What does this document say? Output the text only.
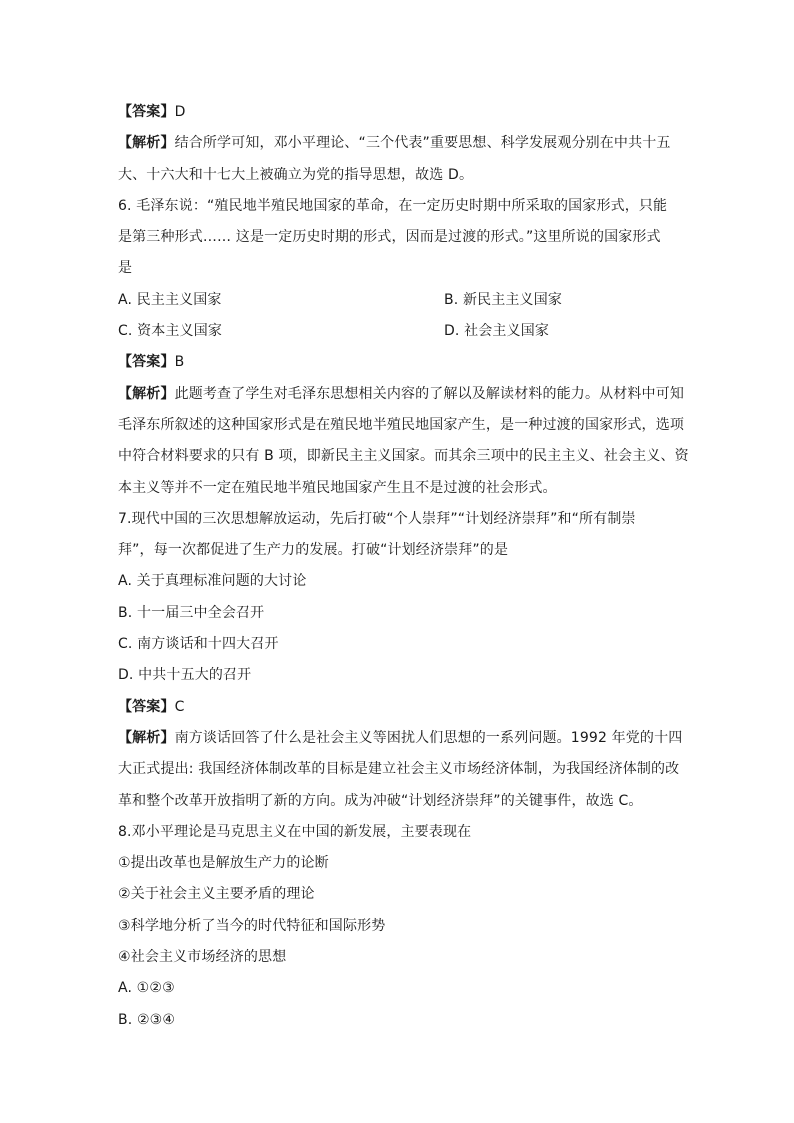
【答案】D
【解析】结合所学可知，邓小平理论、“三个代表”重要思想、科学发展观分别在中共十五
大、十六大和十七大上被确立为党的指导思想，故选 D。
6. 毛泽东说：“殖民地半殖民地国家的革命，在一定历史时期中所采取的国家形式，只能
是第三种形式…… 这是一定历史时期的形式，因而是过渡的形式。”这里所说的国家形式
是
A. 民主主义国家	B. 新民主主义国家
C. 资本主义国家	D. 社会主义国家
【答案】B
【解析】此题考查了学生对毛泽东思想相关内容的了解以及解读材料的能力。从材料中可知
毛泽东所叙述的这种国家形式是在殖民地半殖民地国家产生，是一种过渡的国家形式，选项
中符合材料要求的只有 B 项，即新民主主义国家。而其余三项中的民主主义、社会主义、资
本主义等并不一定在殖民地半殖民地国家产生且不是过渡的社会形式。
7.现代中国的三次思想解放运动，先后打破“个人崇拜”“计划经济崇拜”和“所有制崇
拜”，每一次都促进了生产力的发展。打破“计划经济崇拜”的是
A. 关于真理标准问题的大讨论
B. 十一届三中全会召开
C. 南方谈话和十四大召开
D. 中共十五大的召开
【答案】C
【解析】南方谈话回答了什么是社会主义等困扰人们思想的一系列问题。1992 年党的十四
大正式提出: 我国经济体制改革的目标是建立社会主义市场经济体制，为我国经济体制的改
革和整个改革开放指明了新的方向。成为冲破“计划经济崇拜”的关键事件，故选 C。
8.邓小平理论是马克思主义在中国的新发展，主要表现在
①提出改革也是解放生产力的论断
②关于社会主义主要矛盾的理论
③科学地分析了当今的时代特征和国际形势
④社会主义市场经济的思想
A. ①②③
B. ②③④
